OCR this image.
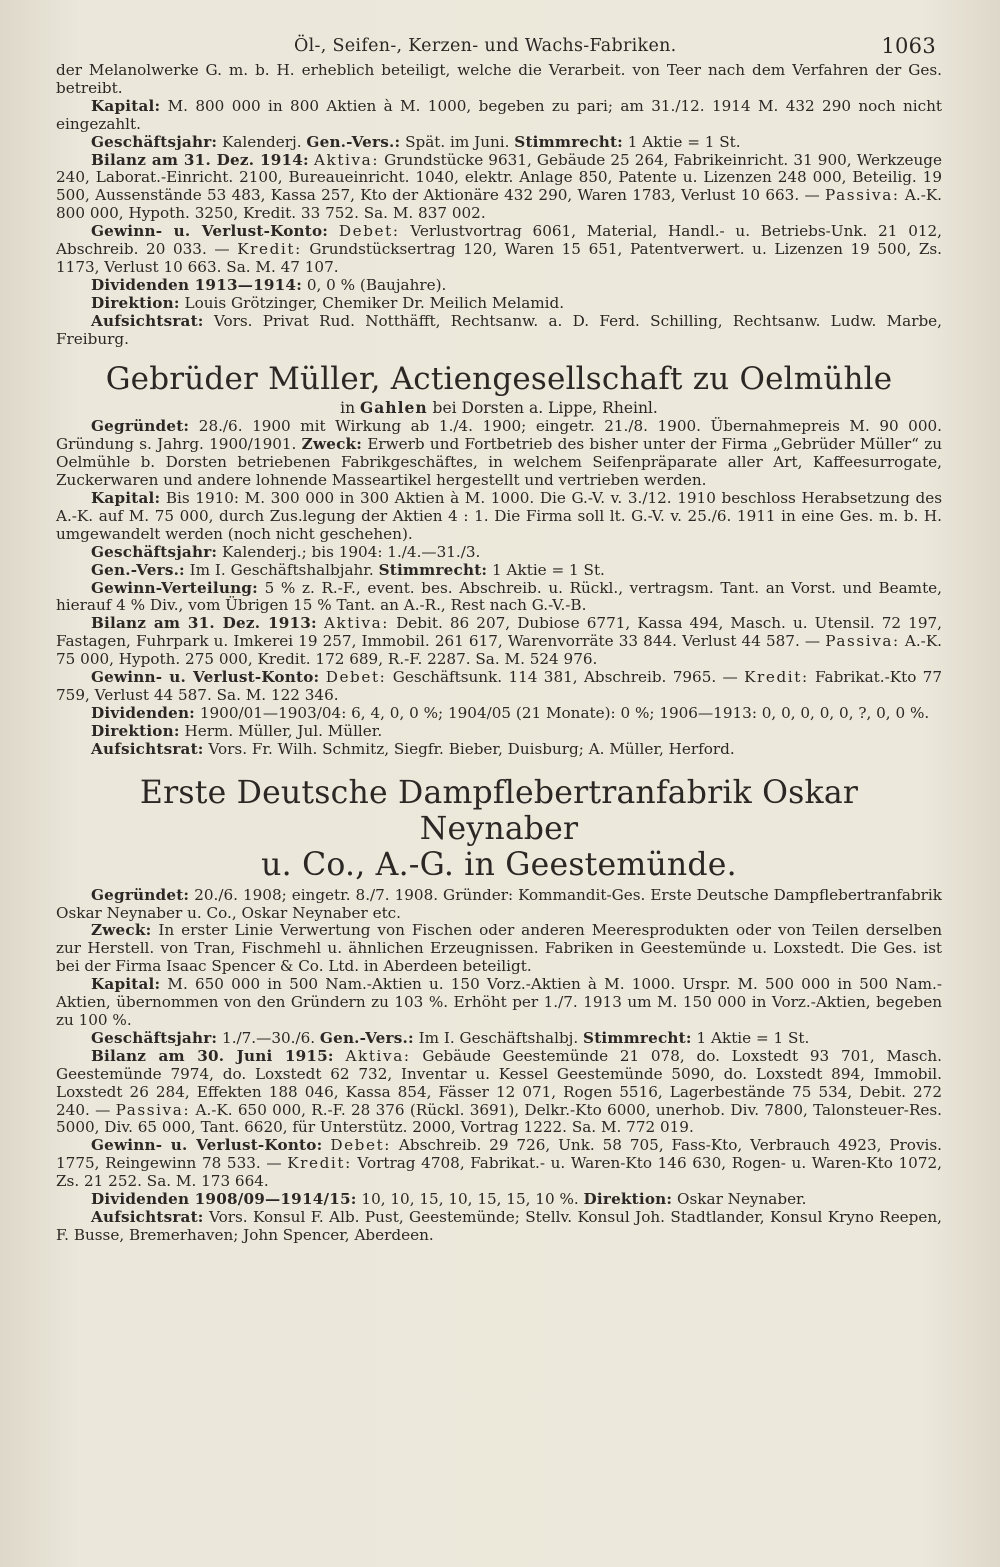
Öl-, Seifen-, Kerzen- und Wachs-Fabriken.	1063

der Melanolwerke G. m. b. H. erheblich beteiligt, welche die Verarbeit. von Teer nach dem Verfahren der Ges. betreibt.

Kapital: M. 800 000 in 800 Aktien à M. 1000, begeben zu pari; am 31./12. 1914 M. 432 290 noch nicht eingezahlt.

Geschäftsjahr: Kalenderj. Gen.-Vers.: Spät. im Juni. Stimmrecht: 1 Aktie = 1 St.

Bilanz am 31. Dez. 1914: Aktiva: Grundstücke 9631, Gebäude 25 264, Fabrikeinricht. 31 900, Werkzeuge 240, Laborat.-Einricht. 2100, Bureaueinricht. 1040, elektr. Anlage 850, Patente u. Lizenzen 248 000, Beteilig. 19 500, Aussenstände 53 483, Kassa 257, Kto der Aktionäre 432 290, Waren 1783, Verlust 10 663. — Passiva: A.-K. 800 000, Hypoth. 3250, Kredit. 33 752. Sa. M. 837 002.

Gewinn- u. Verlust-Konto: Debet: Verlustvortrag 6061, Material, Handl.- u. Betriebs-Unk. 21 012, Abschreib. 20 033. — Kredit: Grundstücksertrag 120, Waren 15 651, Patentverwert. u. Lizenzen 19 500, Zs. 1173, Verlust 10 663. Sa. M. 47 107.

Dividenden 1913—1914: 0, 0 % (Baujahre).

Direktion: Louis Grötzinger, Chemiker Dr. Meilich Melamid.

Aufsichtsrat: Vors. Privat Rud. Notthäfft, Rechtsanw. a. D. Ferd. Schilling, Rechtsanw. Ludw. Marbe, Freiburg.

Gebrüder Müller, Actiengesellschaft zu Oelmühle
in Gahlen bei Dorsten a. Lippe, Rheinl.

Gegründet: 28./6. 1900 mit Wirkung ab 1./4. 1900; eingetr. 21./8. 1900. Übernahmepreis M. 90 000. Gründung s. Jahrg. 1900/1901. Zweck: Erwerb und Fortbetrieb des bisher unter der Firma „Gebrüder Müller“ zu Oelmühle b. Dorsten betriebenen Fabrikgeschäftes, in welchem Seifenpräparate aller Art, Kaffeesurrogate, Zuckerwaren und andere lohnende Masseartikel hergestellt und vertrieben werden.

Kapital: Bis 1910: M. 300 000 in 300 Aktien à M. 1000. Die G.-V. v. 3./12. 1910 beschloss Herabsetzung des A.-K. auf M. 75 000, durch Zus.legung der Aktien 4 : 1. Die Firma soll lt. G.-V. v. 25./6. 1911 in eine Ges. m. b. H. umgewandelt werden (noch nicht geschehen).

Geschäftsjahr: Kalenderj.; bis 1904: 1./4.—31./3.

Gen.-Vers.: Im I. Geschäftshalbjahr. Stimmrecht: 1 Aktie = 1 St.

Gewinn-Verteilung: 5 % z. R.-F., event. bes. Abschreib. u. Rückl., vertragsm. Tant. an Vorst. und Beamte, hierauf 4 % Div., vom Übrigen 15 % Tant. an A.-R., Rest nach G.-V.-B.

Bilanz am 31. Dez. 1913: Aktiva: Debit. 86 207, Dubiose 6771, Kassa 494, Masch. u. Utensil. 72 197, Fastagen, Fuhrpark u. Imkerei 19 257, Immobil. 261 617, Warenvorräte 33 844. Verlust 44 587. — Passiva: A.-K. 75 000, Hypoth. 275 000, Kredit. 172 689, R.-F. 2287. Sa. M. 524 976.

Gewinn- u. Verlust-Konto: Debet: Geschäftsunk. 114 381, Abschreib. 7965. — Kredit: Fabrikat.-Kto 77 759, Verlust 44 587. Sa. M. 122 346.

Dividenden: 1900/01—1903/04: 6, 4, 0, 0 %; 1904/05 (21 Monate): 0 %; 1906—1913: 0, 0, 0, 0, 0, ?, 0, 0 %.

Direktion: Herm. Müller, Jul. Müller.

Aufsichtsrat: Vors. Fr. Wilh. Schmitz, Siegfr. Bieber, Duisburg; A. Müller, Herford.

Erste Deutsche Dampflebertranfabrik Oskar Neynaber
u. Co., A.-G. in Geestemünde.

Gegründet: 20./6. 1908; eingetr. 8./7. 1908. Gründer: Kommandit-Ges. Erste Deutsche Dampflebertranfabrik Oskar Neynaber u. Co., Oskar Neynaber etc.

Zweck: In erster Linie Verwertung von Fischen oder anderen Meeresprodukten oder von Teilen derselben zur Herstell. von Tran, Fischmehl u. ähnlichen Erzeugnissen. Fabriken in Geestemünde u. Loxstedt. Die Ges. ist bei der Firma Isaac Spencer & Co. Ltd. in Aberdeen beteiligt.

Kapital: M. 650 000 in 500 Nam.-Aktien u. 150 Vorz.-Aktien à M. 1000. Urspr. M. 500 000 in 500 Nam.-Aktien, übernommen von den Gründern zu 103 %. Erhöht per 1./7. 1913 um M. 150 000 in Vorz.-Aktien, begeben zu 100 %.

Geschäftsjahr: 1./7.—30./6. Gen.-Vers.: Im I. Geschäftshalbj. Stimmrecht: 1 Aktie = 1 St.

Bilanz am 30. Juni 1915: Aktiva: Gebäude Geestemünde 21 078, do. Loxstedt 93 701, Masch. Geestemünde 7974, do. Loxstedt 62 732, Inventar u. Kessel Geestemünde 5090, do. Loxstedt 894, Immobil. Loxstedt 26 284, Effekten 188 046, Kassa 854, Fässer 12 071, Rogen 5516, Lagerbestände 75 534, Debit. 272 240. — Passiva: A.-K. 650 000, R.-F. 28 376 (Rückl. 3691), Delkr.-Kto 6000, unerhob. Div. 7800, Talonsteuer-Res. 5000, Div. 65 000, Tant. 6620, für Unterstütz. 2000, Vortrag 1222. Sa. M. 772 019.

Gewinn- u. Verlust-Konto: Debet: Abschreib. 29 726, Unk. 58 705, Fass-Kto, Verbrauch 4923, Provis. 1775, Reingewinn 78 533. — Kredit: Vortrag 4708, Fabrikat.- u. Waren-Kto 146 630, Rogen- u. Waren-Kto 1072, Zs. 21 252. Sa. M. 173 664.

Dividenden 1908/09—1914/15: 10, 10, 15, 10, 15, 15, 10 %. Direktion: Oskar Neynaber.

Aufsichtsrat: Vors. Konsul F. Alb. Pust, Geestemünde; Stellv. Konsul Joh. Stadtlander, Konsul Kryno Reepen, F. Busse, Bremerhaven; John Spencer, Aberdeen.
